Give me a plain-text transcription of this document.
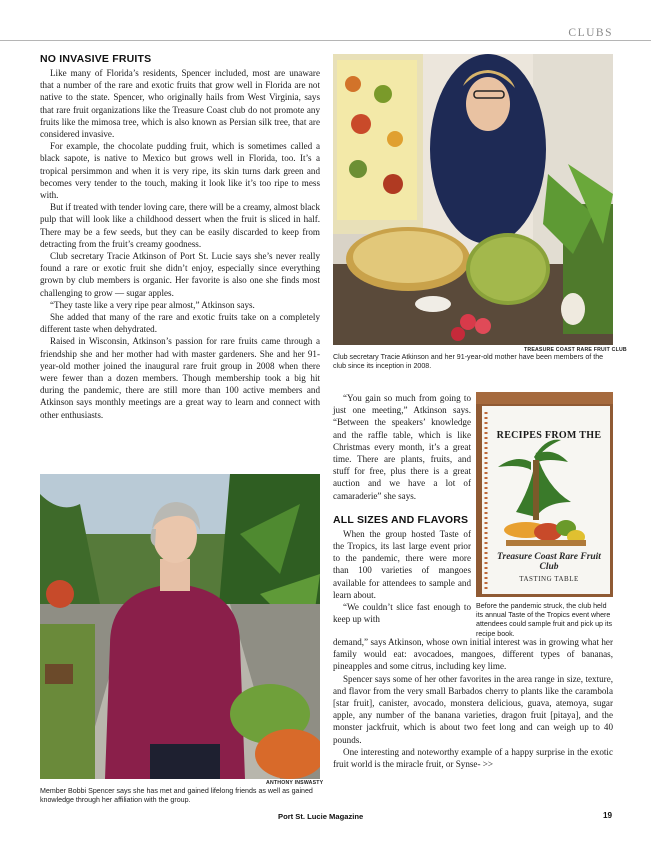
CLUBS
NO INVASIVE FRUITS

Like many of Florida’s residents, Spencer included, most are unaware that a number of the rare and exotic fruits that grow well in Florida are not native to the state. Spencer, who originally hails from West Virginia, says that rare fruit organizations like the Treasure Coast club do not promote any fruits like the mimosa tree, which is also known as Persian silk tree, that are considered invasive.

For example, the chocolate pudding fruit, which is sometimes called a black sapote, is native to Mexico but grows well in Florida, too. It’s a tropical persimmon and when it is very ripe, its skin turns dark green and becomes very tender to the touch, making it look like it’s too ripe to mess with.

But if treated with tender loving care, there will be a creamy, almost black pulp that will look like a childhood dessert when the fruit is sliced in half. There may be a few seeds, but they can be easily discarded to keep from detracting from the fruit’s creamy goodness.

Club secretary Tracie Atkinson of Port St. Lucie says she’s never really found a rare or exotic fruit she didn’t enjoy, especially since everything grown by club members is organic. Her favorite is also one she finds most challenging to grow — sugar apples.

“They taste like a very ripe pear almost,” Atkinson says.

She added that many of the rare and exotic fruits take on a completely different taste when dehydrated.

Raised in Wisconsin, Atkinson’s passion for rare fruits came through a friendship she and her mother had with master gardeners. She and her 91-year-old mother joined the inaugural rare fruit group in 2008 when there were fewer than a dozen members. Though membership took a big hit during the pandemic, there are still more than 100 active members and Atkinson says monthly meetings are a great way to learn and connect with other enthusiasts.

TREASURE COAST RARE FRUIT CLUB
Club secretary Tracie Atkinson and her 91-year-old mother have been members of the club since its inception in 2008.
ANTHONY INSWASTY
Member Bobbi Spencer says she has met and gained lifelong friends as well as gained knowledge through her affiliation with the group.

“You gain so much from going to just one meeting,” Atkinson says. “Between the speakers’ knowledge and the raffle table, which is like Christmas every month, it’s a great time. There are plants, fruits, and stuff for free, plus there is a great auction and we have a lot of camaraderie” she says.

ALL SIZES AND FLAVORS

When the group hosted Taste of the Tropics, its last large event prior to the pandemic, there were more than 100 varieties of mangoes available for attendees to sample and learn about.

“We couldn’t slice fast enough to keep up with

RECIPES FROM THE
Treasure Coast Rare Fruit Club
TASTING TABLE
Before the pandemic struck, the club held its annual Taste of the Tropics event where attendees could sample fruit and pick up its recipe book.

demand,” says Atkinson, whose own initial interest was in growing what her family would eat: avocadoes, mangoes, different types of bananas, pineapples and some citrus, including key lime.

Spencer says some of her other favorites in the area range in size, texture, and flavor from the very small Barbados cherry to plants like the carambola [star fruit], canister, avocado, monstera delicious, guava, atemoya, sugar apple, any number of the banana varieties, dragon fruit [pitaya], and the monster jackfruit, which is about two feet long and can weigh up to 40 pounds.

One interesting and noteworthy example of a happy surprise in the exotic fruit world is the miracle fruit, or Synse- >>

Port St. Lucie Magazine	19
